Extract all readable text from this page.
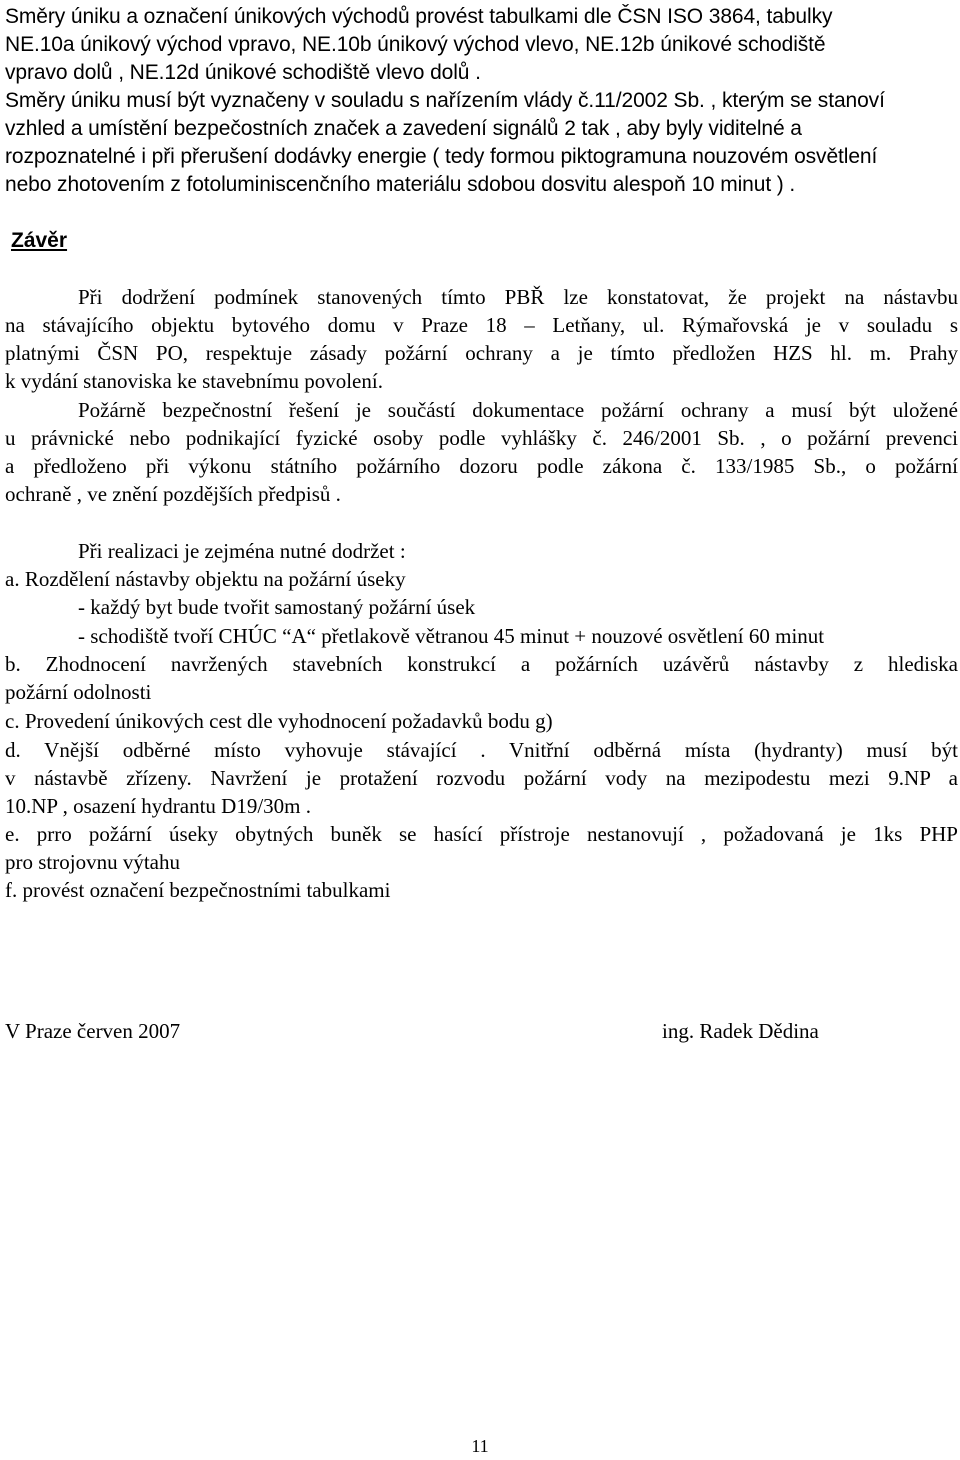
Směry úniku a označení únikových východů provést tabulkami dle ČSN ISO 3864, tabulky
NE.10a únikový východ vpravo, NE.10b únikový východ vlevo, NE.12b únikové schodiště
vpravo dolů , NE.12d únikové schodiště vlevo dolů .
Směry úniku musí být vyznačeny v souladu s nařízením vlády č.11/2002 Sb. , kterým se stanoví
vzhled a umístění bezpečostních značek a zavedení signálů 2 tak , aby byly viditelné a
rozpoznatelné i při přerušení dodávky energie ( tedy formou piktogramuna nouzovém osvětlení
nebo zhotovením z fotoluminiscenčního materiálu sdobou dosvitu alespoň 10 minut ) .
Závěr
Při dodržení podmínek stanovených tímto PBŘ lze konstatovat, že projekt na nástavbu
na stávajícího objektu bytového domu v Praze 18 – Letňany, ul. Rýmařovská je v souladu s
platnými ČSN PO, respektuje zásady požární ochrany a je tímto předložen HZS hl. m. Prahy
k vydání stanoviska ke stavebnímu povolení.
Požárně bezpečnostní řešení je součástí dokumentace požární ochrany a musí být uložené
u právnické nebo podnikající fyzické osoby podle vyhlášky č. 246/2001 Sb. , o požární prevenci
a předloženo při výkonu státního požárního dozoru podle zákona č. 133/1985 Sb., o požární
ochraně , ve znění pozdějších předpisů .
Při realizaci je zejména nutné dodržet :
a. Rozdělení nástavby objektu na požární úseky
- každý byt bude tvořit samostaný požární úsek
- schodiště tvoří CHÚC “A“ přetlakově větranou 45 minut + nouzové osvětlení 60 minut
b. Zhodnocení navržených stavebních konstrukcí a požárních uzávěrů nástavby z hlediska
požární odolnosti
c. Provedení únikových cest dle vyhodnocení požadavků bodu g)
d. Vnější odběrné místo vyhovuje stávající . Vnitřní odběrná místa (hydranty) musí být
v nástavbě zřízeny. Navržení je protažení rozvodu požární vody na mezipodestu mezi 9.NP a
10.NP , osazení hydrantu D19/30m .
e. prro požární úseky obytných buněk se hasící přístroje nestanovují , požadovaná je 1ks PHP
pro strojovnu výtahu
f. provést označení bezpečnostními tabulkami
V Praze červen 2007	ing. Radek Dědina
11
